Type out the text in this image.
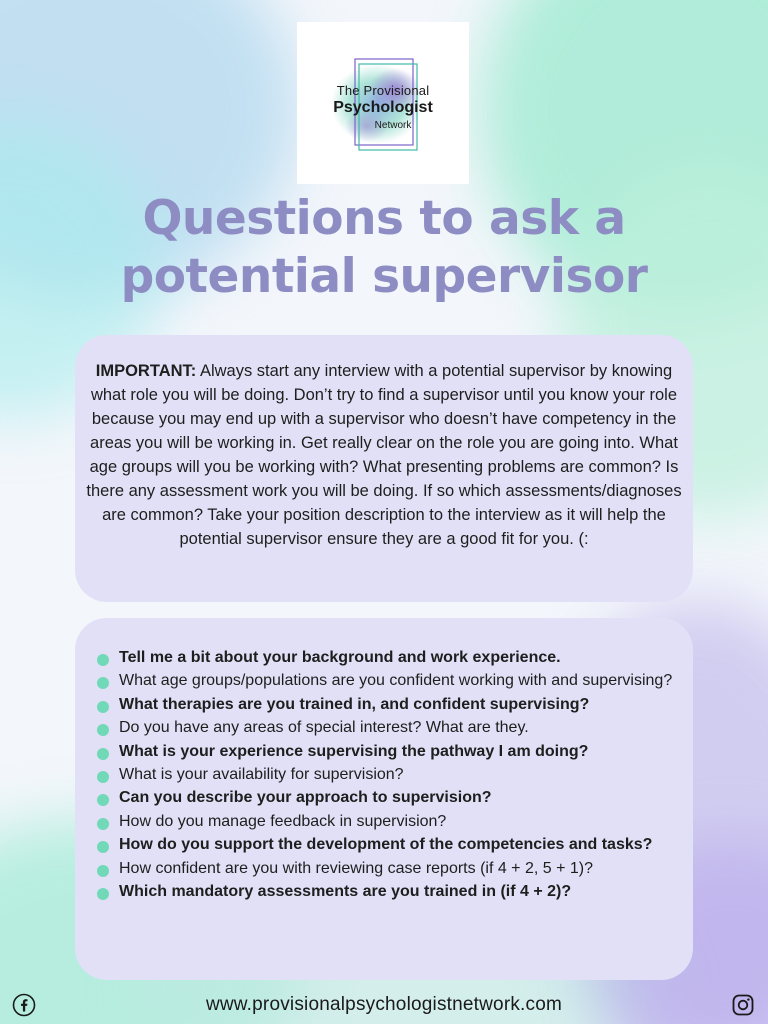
The Provisional
Psychologist
Network
Questions to ask a
potential supervisor

IMPORTANT: Always start any interview with a potential supervisor by knowing what role you will be doing. Don’t try to find a supervisor until you know your role because you may end up with a supervisor who doesn’t have competency in the areas you will be working in. Get really clear on the role you are going into. What age groups will you be working with? What presenting problems are common? Is there any assessment work you will be doing. If so which assessments/diagnoses are common? Take your position description to the interview as it will help the potential supervisor ensure they are a good fit for you. (:

Tell me a bit about your background and work experience.
What age groups/populations are you confident working with and supervising?
What therapies are you trained in, and confident supervising?
Do you have any areas of special interest? What are they.
What is your experience supervising the pathway I am doing?
What is your availability for supervision?
Can you describe your approach to supervision?
How do you manage feedback in supervision?
How do you support the development of the competencies and tasks?
How confident are you with reviewing case reports (if 4 + 2, 5 + 1)?
Which mandatory assessments are you trained in (if 4 + 2)?
www.provisionalpsychologistnetwork.com
